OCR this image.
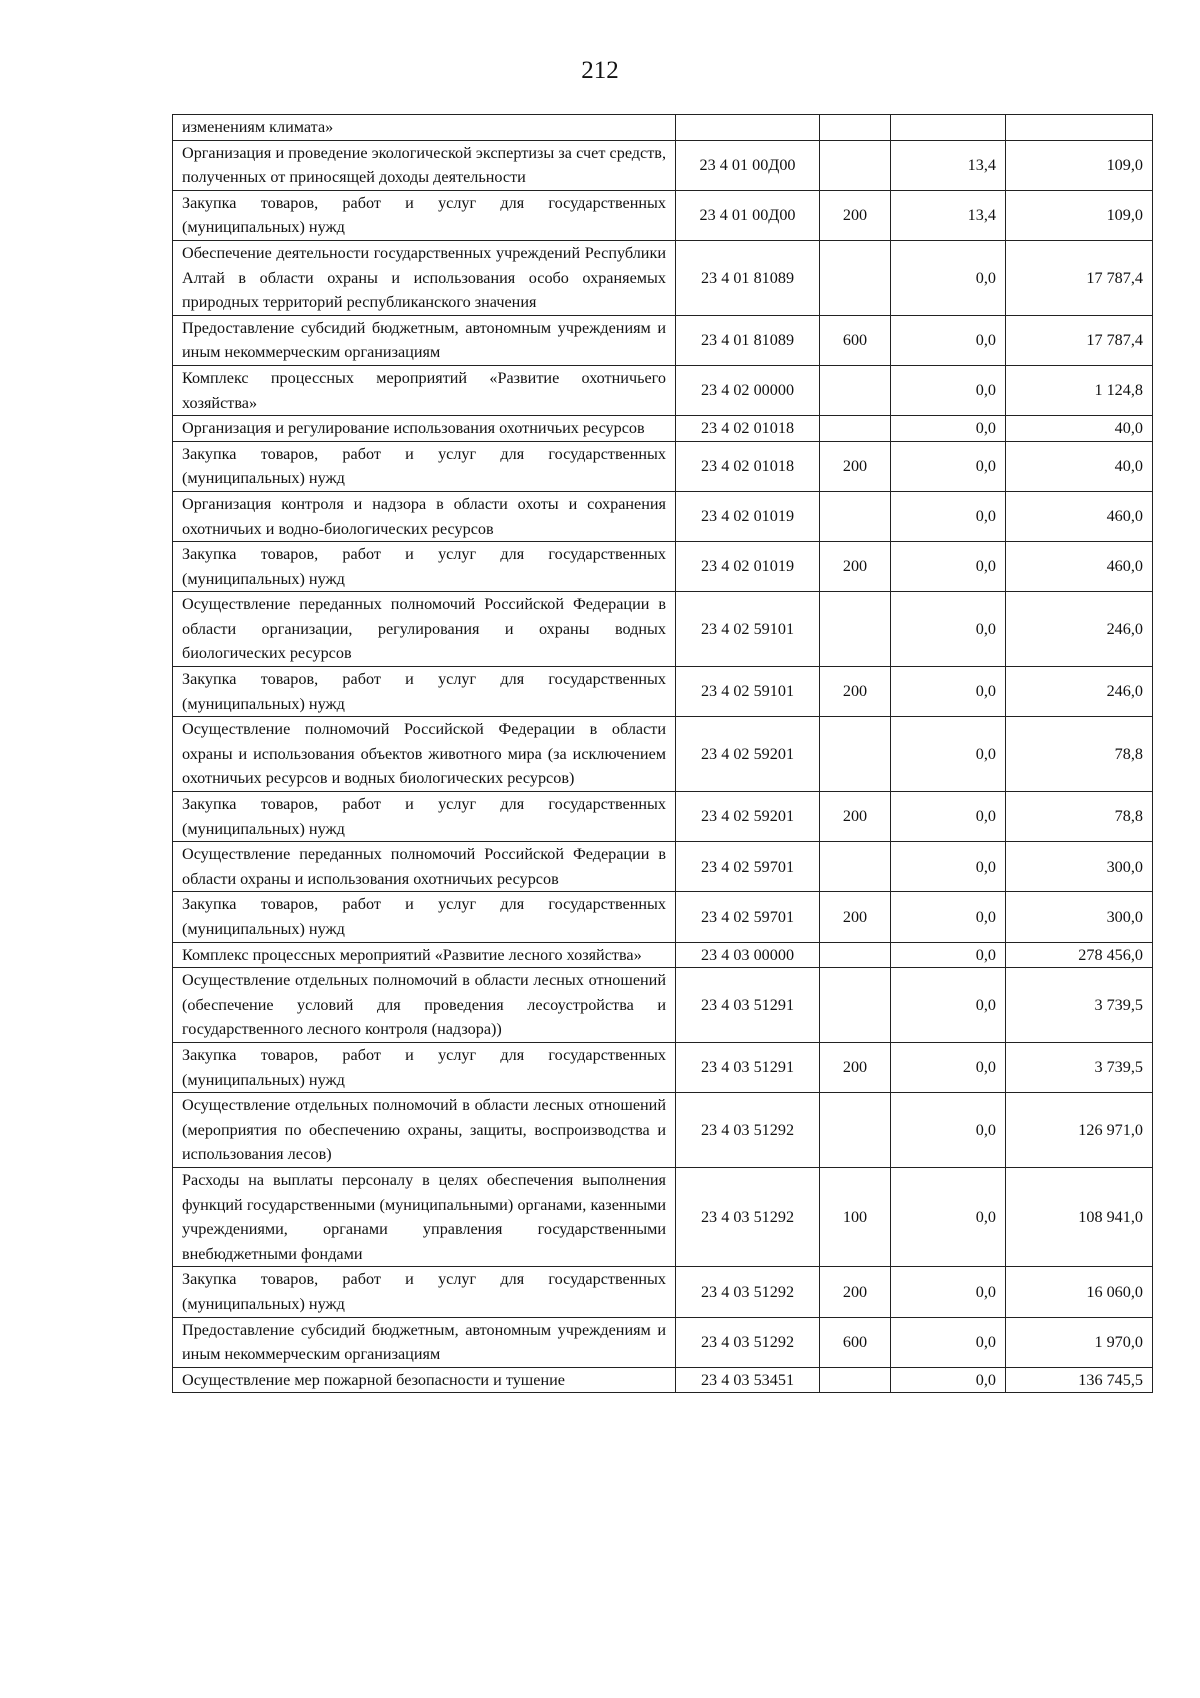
212
изменениям климата»				
Организация и проведение экологической экспертизы за счет средств, полученных от приносящей доходы деятельности	23 4 01 00Д00		13,4	109,0
Закупка товаров, работ и услуг для государственных (муниципальных) нужд	23 4 01 00Д00	200	13,4	109,0
Обеспечение деятельности государственных учреждений Республики Алтай в области охраны и использования особо охраняемых природных территорий республиканского значения	23 4 01 81089		0,0	17 787,4
Предоставление субсидий бюджетным, автономным учреждениям и иным некоммерческим организациям	23 4 01 81089	600	0,0	17 787,4
Комплекс процессных мероприятий «Развитие охотничьего хозяйства»	23 4 02 00000		0,0	1 124,8
Организация и регулирование использования охотничьих ресурсов	23 4 02 01018		0,0	40,0
Закупка товаров, работ и услуг для государственных (муниципальных) нужд	23 4 02 01018	200	0,0	40,0
Организация контроля и надзора в области охоты и сохранения охотничьих и водно-биологических ресурсов	23 4 02 01019		0,0	460,0
Закупка товаров, работ и услуг для государственных (муниципальных) нужд	23 4 02 01019	200	0,0	460,0
Осуществление переданных полномочий Российской Федерации в области организации, регулирования и охраны водных биологических ресурсов	23 4 02 59101		0,0	246,0
Закупка товаров, работ и услуг для государственных (муниципальных) нужд	23 4 02 59101	200	0,0	246,0
Осуществление полномочий Российской Федерации в области охраны и использования объектов животного мира (за исключением охотничьих ресурсов и водных биологических ресурсов)	23 4 02 59201		0,0	78,8
Закупка товаров, работ и услуг для государственных (муниципальных) нужд	23 4 02 59201	200	0,0	78,8
Осуществление переданных полномочий Российской Федерации в области охраны и использования охотничьих ресурсов	23 4 02 59701		0,0	300,0
Закупка товаров, работ и услуг для государственных (муниципальных) нужд	23 4 02 59701	200	0,0	300,0
Комплекс процессных мероприятий «Развитие лесного хозяйства»	23 4 03 00000		0,0	278 456,0
Осуществление отдельных полномочий в области лесных отношений (обеспечение условий для проведения лесоустройства и государственного лесного контроля (надзора))	23 4 03 51291		0,0	3 739,5
Закупка товаров, работ и услуг для государственных (муниципальных) нужд	23 4 03 51291	200	0,0	3 739,5
Осуществление отдельных полномочий в области лесных отношений (мероприятия по обеспечению охраны, защиты, воспроизводства и использования лесов)	23 4 03 51292		0,0	126 971,0
Расходы на выплаты персоналу в целях обеспечения выполнения функций государственными (муниципальными) органами, казенными учреждениями, органами управления государственными внебюджетными фондами	23 4 03 51292	100	0,0	108 941,0
Закупка товаров, работ и услуг для государственных (муниципальных) нужд	23 4 03 51292	200	0,0	16 060,0
Предоставление субсидий бюджетным, автономным учреждениям и иным некоммерческим организациям	23 4 03 51292	600	0,0	1 970,0
Осуществление мер пожарной безопасности и тушение	23 4 03 53451		0,0	136 745,5
